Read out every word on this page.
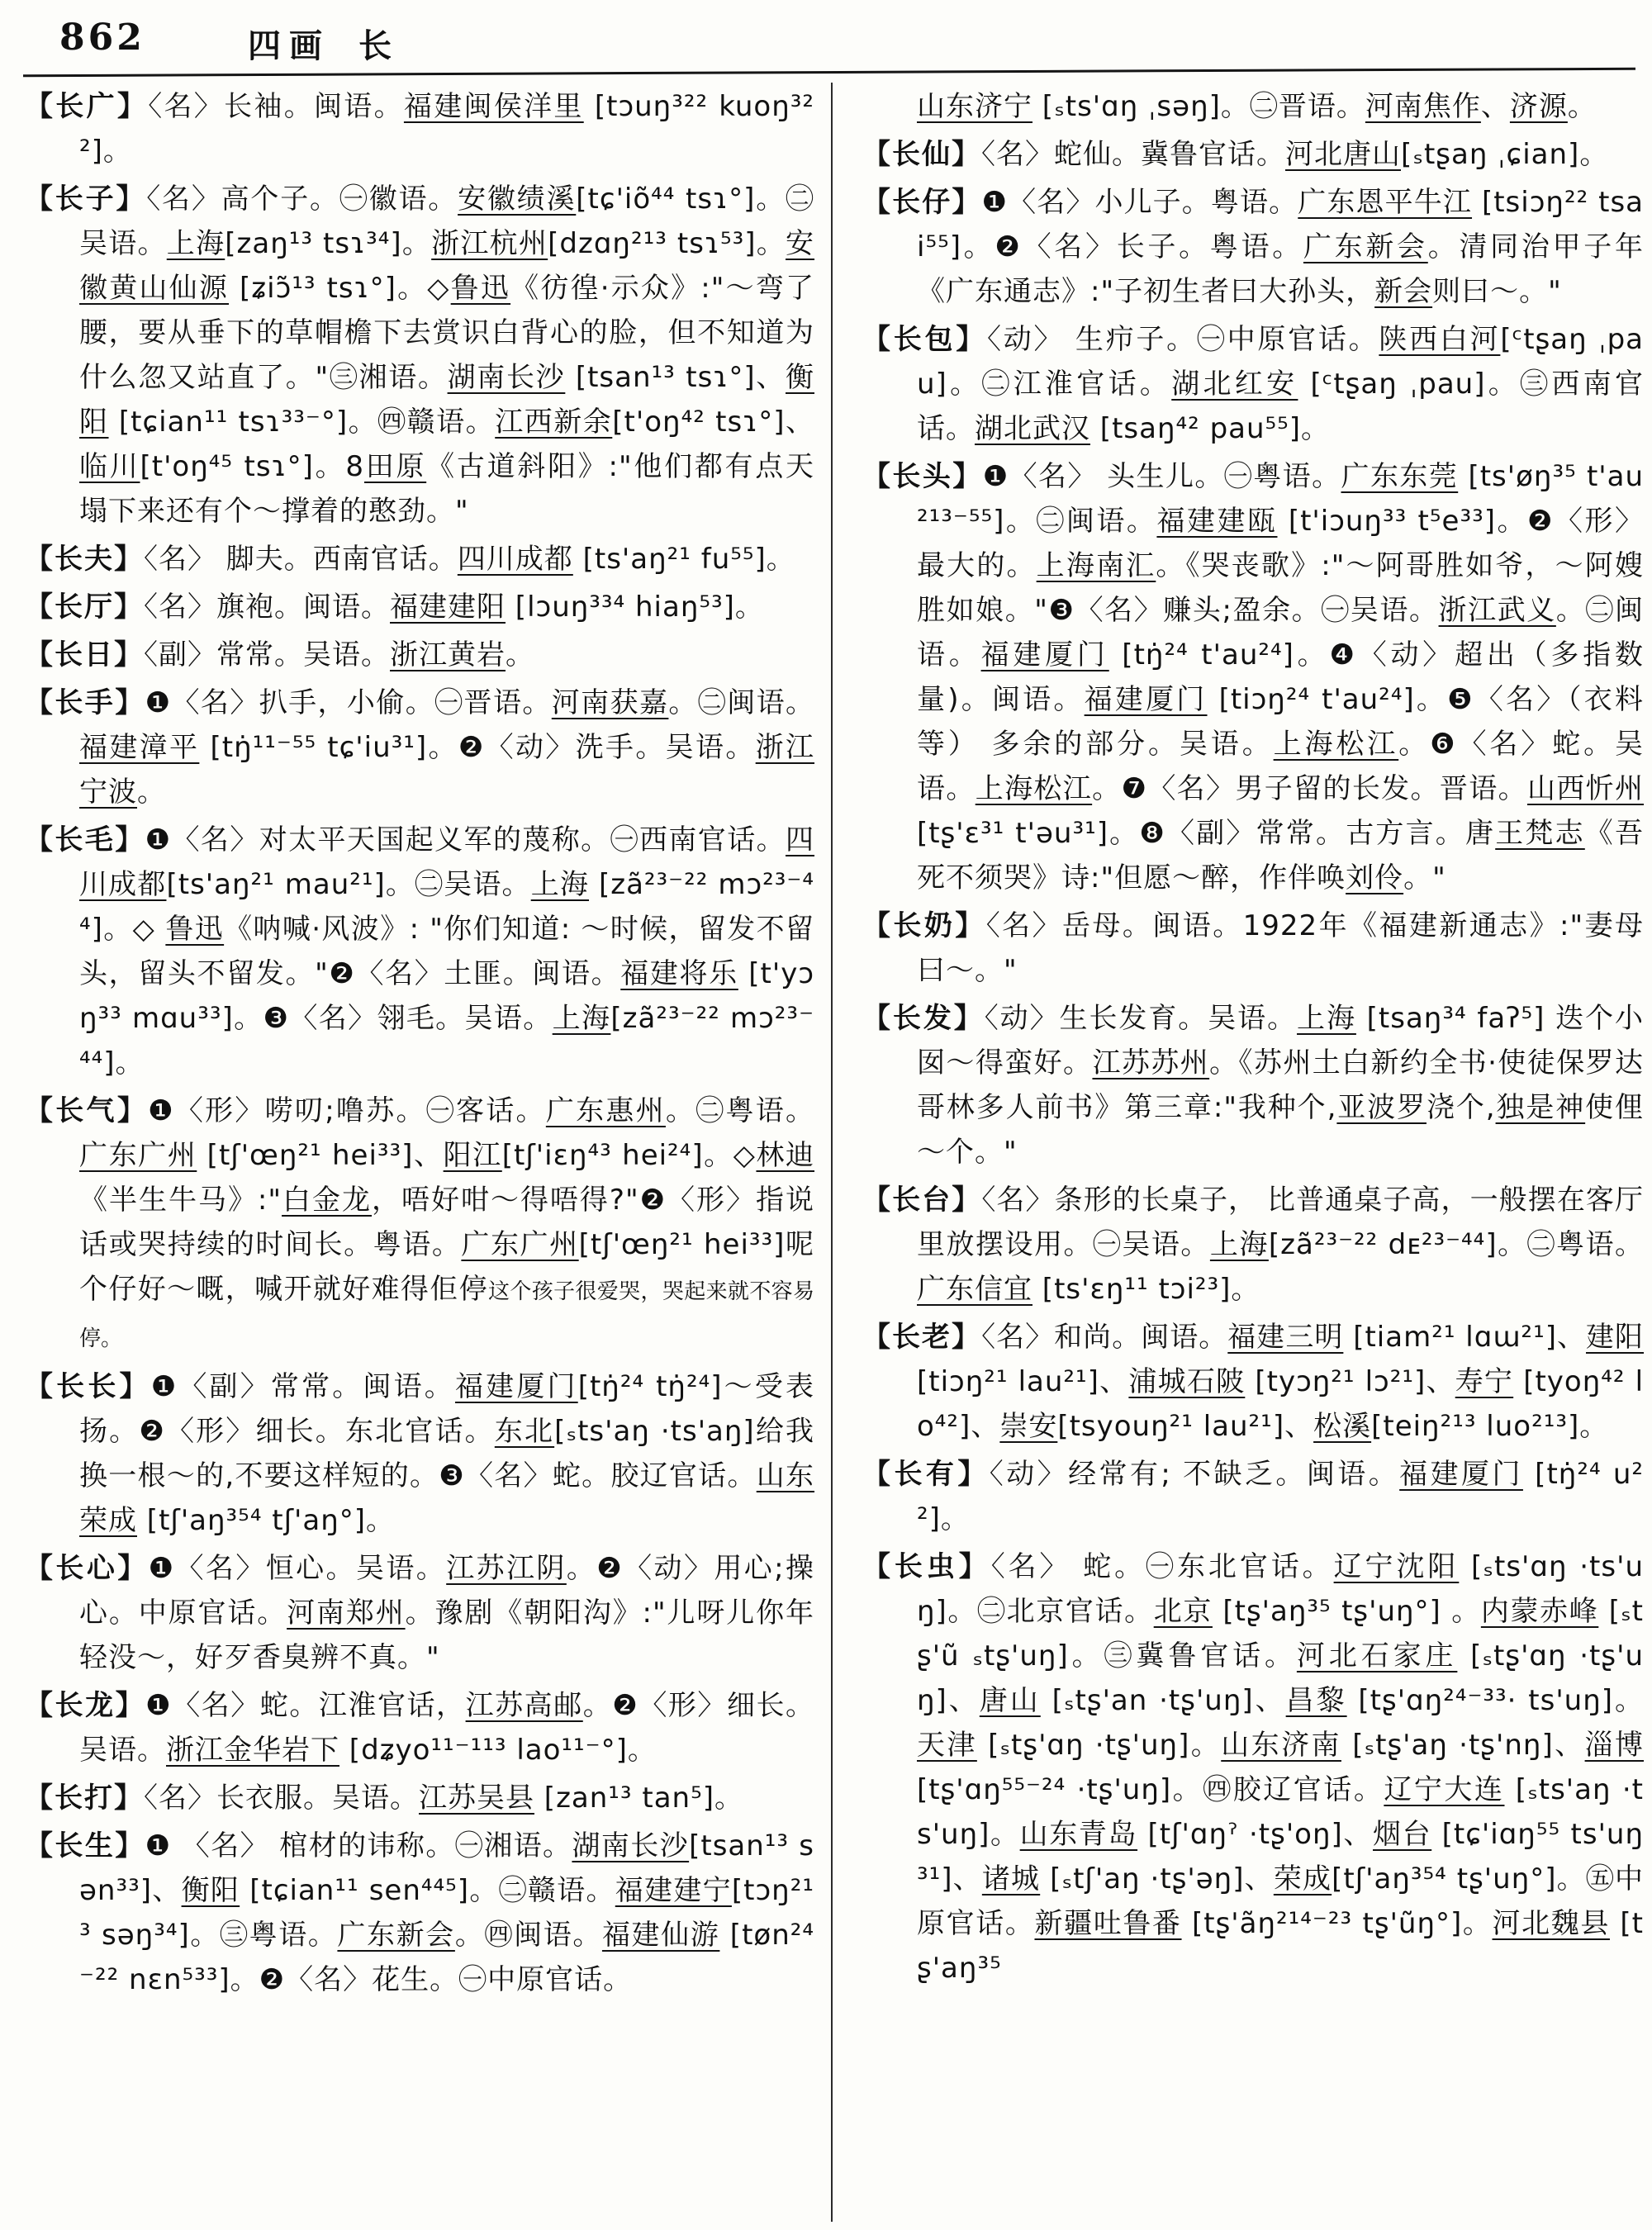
862	四画 长

【长广】〈名〉长袖。闽语。福建闽侯洋里 [tɔuŋ³²² kuoŋ³²²]。

【长子】〈名〉高个子。㊀徽语。安徽绩溪[tɕ'iõ⁴⁴ tsɿ°]。㊁吴语。上海[zaŋ¹³ tsɿ³⁴]。浙江杭州[dzɑŋ²¹³ tsɿ⁵³]。安徽黄山仙源 [ʑiɔ̃¹³ tsɿ°]。◇鲁迅《彷徨·示众》:"～弯了腰，要从垂下的草帽檐下去赏识白背心的脸，但不知道为什么忽又站直了。"㊂湘语。湖南长沙 [tsan¹³ tsɿ°]、衡阳 [tɕian¹¹ tsɿ³³⁻°]。㊃赣语。江西新余[t'oŋ⁴² tsɿ°]、临川[t'oŋ⁴⁵ tsɿ°]。8田原《古道斜阳》:"他们都有点天塌下来还有个～撑着的憨劲。"

【长夫】〈名〉 脚夫。西南官话。四川成都 [ts'aŋ²¹ fu⁵⁵]。

【长厅】〈名〉旗袍。闽语。福建建阳 [lɔuŋ³³⁴ hiaŋ⁵³]。

【长日】〈副〉常常。吴语。浙江黄岩。

【长手】❶〈名〉扒手，小偷。㊀晋语。河南获嘉。㊁闽语。福建漳平 [tŋ̇¹¹⁻⁵⁵ tɕ'iu³¹]。❷〈动〉洗手。吴语。浙江宁波。

【长毛】❶〈名〉对太平天国起义军的蔑称。㊀西南官话。四川成都[ts'aŋ²¹ mau²¹]。㊁吴语。上海 [zã²³⁻²² mɔ²³⁻⁴⁴]。◇ 鲁迅《呐喊·风波》: "你们知道: ～时候，留发不留头，留头不留发。"❷〈名〉土匪。闽语。福建将乐 [t'yɔŋ³³ mɑu³³]。❸〈名〉翎毛。吴语。上海[zã²³⁻²² mɔ²³⁻⁴⁴]。

【长气】❶〈形〉唠叨;噜苏。㊀客话。广东惠州。㊁粤语。广东广州 [tʃ'œŋ²¹ hei³³]、阳江[tʃ'iɛŋ⁴³ hei²⁴]。◇林迪《半生牛马》:"白金龙，唔好咁～得唔得?"❷〈形〉指说话或哭持续的时间长。粤语。广东广州[tʃ'œŋ²¹ hei³³]呢个仔好～嘅，喊开就好难得佢停这个孩子很爱哭，哭起来就不容易停。

【长长】❶〈副〉常常。闽语。福建厦门[tŋ̇²⁴ tŋ̇²⁴]～受表扬。❷〈形〉细长。东北官话。东北[ₛts'aŋ ·ts'aŋ]给我换一根～的,不要这样短的。❸〈名〉蛇。胶辽官话。山东荣成 [tʃ'aŋ³⁵⁴ tʃ'aŋ°]。

【长心】❶〈名〉恒心。吴语。江苏江阴。❷〈动〉用心;操心。中原官话。河南郑州。豫剧《朝阳沟》:"儿呀儿你年轻没～，好歹香臭辨不真。"

【长龙】❶〈名〉蛇。江淮官话，江苏高邮。❷〈形〉细长。吴语。浙江金华岩下 [dʑyo¹¹⁻¹¹³ lao¹¹⁻°]。

【长打】〈名〉长衣服。吴语。江苏吴县 [zan¹³ tan⁵]。

【长生】❶ 〈名〉 棺材的讳称。㊀湘语。湖南长沙[tsan¹³ sən³³]、衡阳 [tɕian¹¹ sen⁴⁴⁵]。㊁赣语。福建建宁[tɔŋ²¹³ səŋ³⁴]。㊂粤语。广东新会。㊃闽语。福建仙游 [tøn²⁴⁻²² nɛn⁵³³]。❷〈名〉花生。㊀中原官话。

山东济宁 [ₛts'ɑŋ ˌsəŋ]。㊁晋语。河南焦作、济源。

【长仙】〈名〉蛇仙。冀鲁官话。河北唐山[ₛtʂaŋ ˌɕian]。

【长仔】❶〈名〉小儿子。粤语。广东恩平牛江 [tsiɔŋ²² tsai⁵⁵]。❷〈名〉长子。粤语。广东新会。清同治甲子年《广东通志》:"子初生者曰大孙头，新会则曰～。"

【长包】〈动〉 生疖子。㊀中原官话。陕西白河[ᶜtʂaŋ ˌpau]。㊁江淮官话。湖北红安 [ᶜtʂaŋ ˌpau]。㊂西南官话。湖北武汉 [tsaŋ⁴² pau⁵⁵]。

【长头】❶〈名〉 头生儿。㊀粤语。广东东莞 [ts'øŋ³⁵ t'au²¹³⁻⁵⁵]。㊁闽语。福建建瓯 [t'iɔuŋ³³ t⁵e³³]。❷〈形〉最大的。上海南汇。《哭丧歌》:"～阿哥胜如爷，～阿嫂胜如娘。"❸〈名〉赚头;盈余。㊀吴语。浙江武义。㊁闽语。福建厦门 [tŋ̇²⁴ t'au²⁴]。❹〈动〉超出（多指数量)。闽语。福建厦门 [tiɔŋ²⁴ t'au²⁴]。❺〈名〉（衣料等） 多余的部分。吴语。上海松江。❻〈名〉蛇。吴语。上海松江。❼〈名〉男子留的长发。晋语。山西忻州[tʂ'ɛ³¹ t'əu³¹]。❽〈副〉常常。古方言。唐王梵志《吾死不须哭》诗:"但愿～醉，作伴唤刘伶。"

【长奶】〈名〉岳母。闽语。1922年《福建新通志》:"妻母曰～。"

【长发】〈动〉生长发育。吴语。上海 [tsaŋ³⁴ faʔ⁵] 迭个小囡～得蛮好。江苏苏州。《苏州土白新约全书·使徒保罗达哥林多人前书》第三章:"我种个,亚波罗浇个,独是神使俚～个。"

【长台】〈名〉条形的长桌子， 比普通桌子高，一般摆在客厅里放摆设用。㊀吴语。上海[zã²³⁻²² dᴇ²³⁻⁴⁴]。㊁粤语。广东信宜 [ts'ɛŋ¹¹ tɔi²³]。

【长老】〈名〉和尚。闽语。福建三明 [tiam²¹ lɑɯ²¹]、建阳 [tiɔŋ²¹ lau²¹]、浦城石陂 [tyɔŋ²¹ lɔ²¹]、寿宁 [tyoŋ⁴² lo⁴²]、崇安[tsyouŋ²¹ lau²¹]、松溪[teiŋ²¹³ luo²¹³]。

【长有】〈动〉经常有; 不缺乏。闽语。福建厦门 [tŋ̇²⁴ u²²]。

【长虫】〈名〉 蛇。㊀东北官话。辽宁沈阳 [ₛts'ɑŋ ·ts'uŋ]。㊁北京官话。北京 [tʂ'aŋ³⁵ tʂ'uŋ°] 。内蒙赤峰 [ₛtʂ'ũ ₛtʂ'uŋ]。㊂冀鲁官话。河北石家庄 [ₛtʂ'ɑŋ ·tʂ'uŋ]、唐山 [ₛtʂ'an ·tʂ'uŋ]、昌黎 [tʂ'ɑŋ²⁴⁻³³· ts'uŋ]。天津 [ₛtʂ'ɑŋ ·tʂ'uŋ]。山东济南 [ₛtʂ'aŋ ·tʂ'nŋ]、淄博 [tʂ'ɑŋ⁵⁵⁻²⁴ ·tʂ'uŋ]。㊃胶辽官话。辽宁大连 [ₛts'aŋ ·ts'uŋ]。山东青岛 [tʃ'ɑŋˀ ·tʂ'oŋ]、烟台 [tɕ'iɑŋ⁵⁵ ts'uŋ³¹]、诸城 [ₛtʃ'aŋ ·tʂ'əŋ]、荣成[tʃ'aŋ³⁵⁴ tʂ'uŋ°]。㊄中原官话。新疆吐鲁番 [tʂ'ãŋ²¹⁴⁻²³ tʂ'ũŋ°]。河北魏县 [tʂ'aŋ³⁵
